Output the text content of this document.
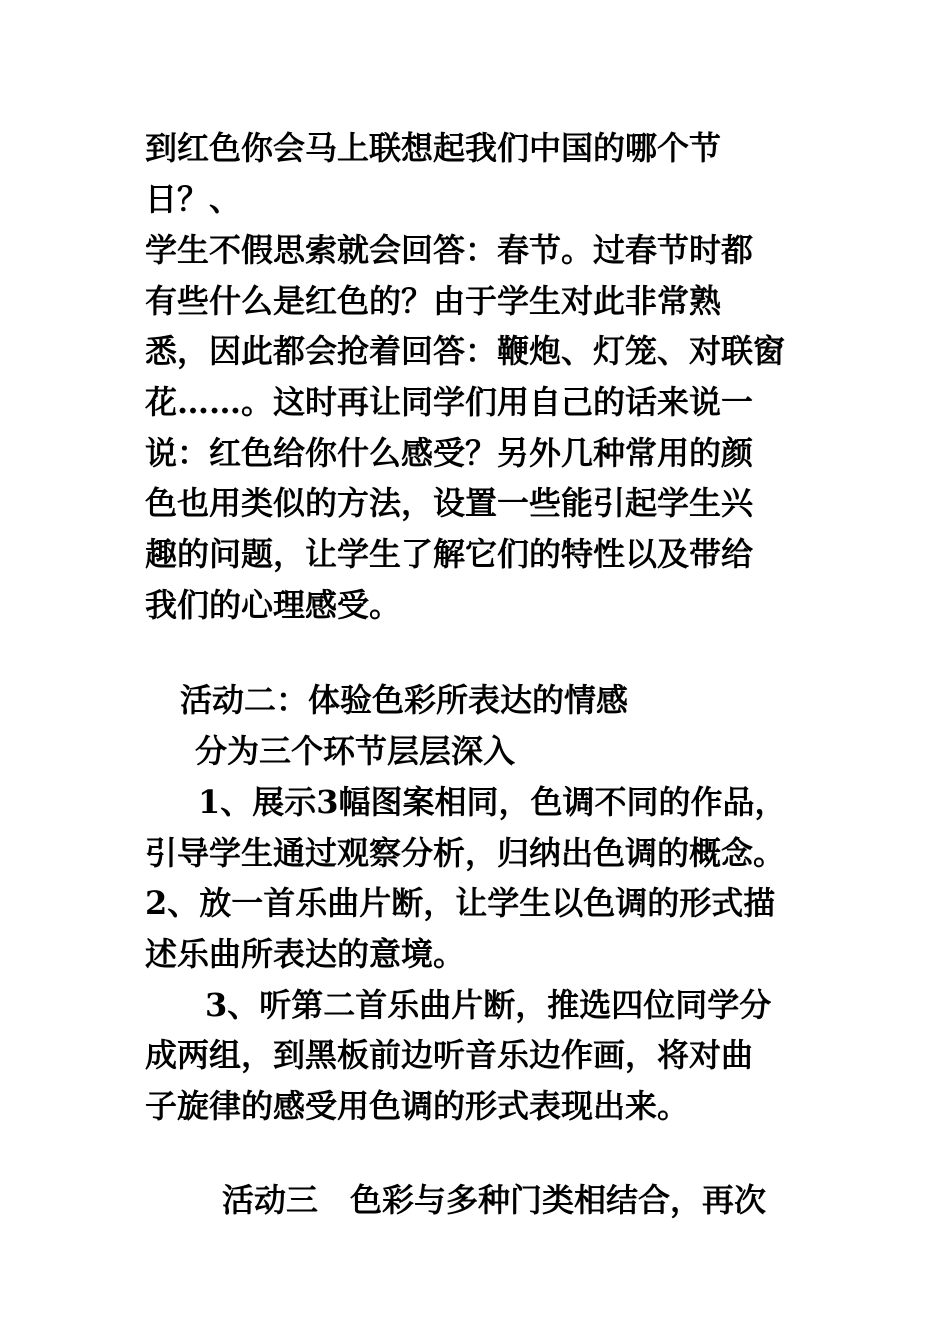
到红色你会马上联想起我们中国的哪个节
日？、
学生不假思索就会回答：春节。过春节时都
有些什么是红色的？由于学生对此非常熟
悉，因此都会抢着回答：鞭炮、灯笼、对联窗
花……。这时再让同学们用自己的话来说一
说：红色给你什么感受？另外几种常用的颜
色也用类似的方法，设置一些能引起学生兴
趣的问题，让学生了解它们的特性以及带给
我们的心理感受。
活动二：体验色彩所表达的情感
分为三个环节层层深入
1、展示3幅图案相同，色调不同的作品，
引导学生通过观察分析，归纳出色调的概念。
2、放一首乐曲片断，让学生以色调的形式描
述乐曲所表达的意境。
3、听第二首乐曲片断，推选四位同学分
成两组，到黑板前边听音乐边作画，将对曲
子旋律的感受用色调的形式表现出来。
活动三　色彩与多种门类相结合，再次
